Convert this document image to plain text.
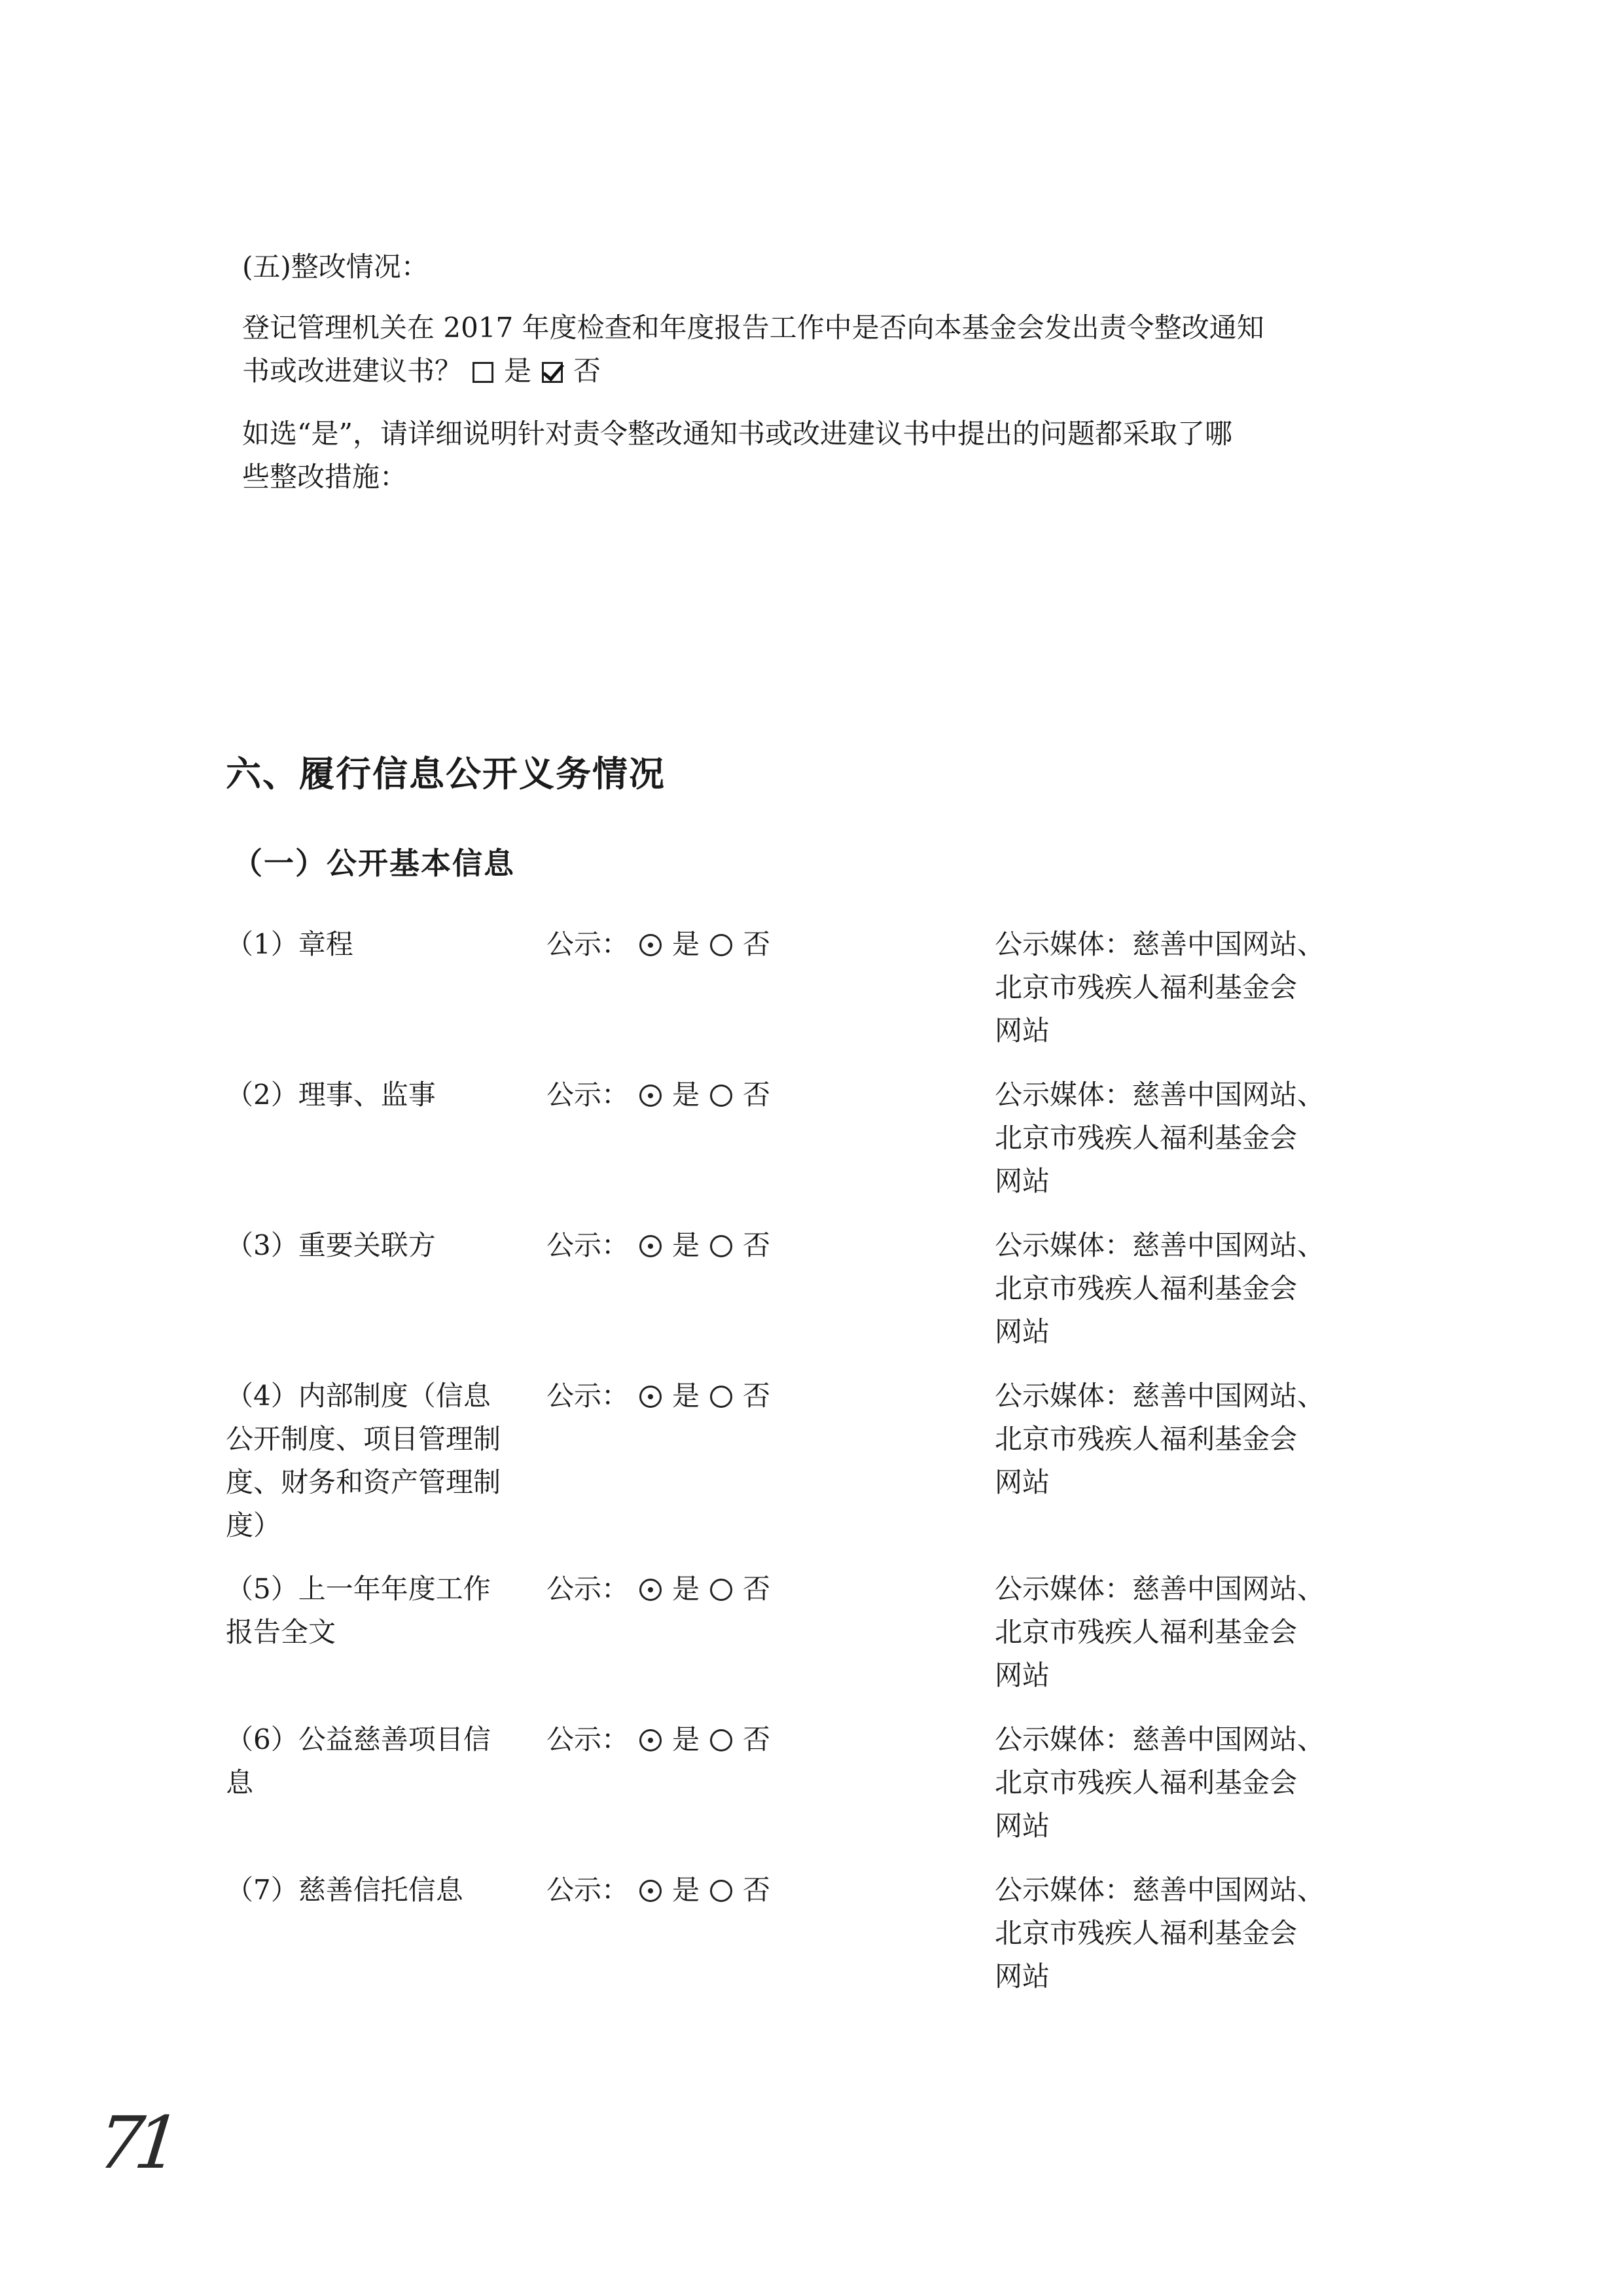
(五)整改情况：
登记管理机关在 2017 年度检查和年度报告工作中是否向本基金会发出责令整改通知
书或改进建议书？ 是 否
如选“是”，请详细说明针对责令整改通知书或改进建议书中提出的问题都采取了哪
些整改措施：
六、履行信息公开义务情况
（一）公开基本信息
（1）章程	公示： 是 否	公示媒体：慈善中国网站、
北京市残疾人福利基金会
网站
（2）理事、监事	公示： 是 否	公示媒体：慈善中国网站、
北京市残疾人福利基金会
网站
（3）重要关联方	公示： 是 否	公示媒体：慈善中国网站、
北京市残疾人福利基金会
网站
（4）内部制度（信息
公开制度、项目管理制
度、财务和资产管理制
度）
公示： 是 否	公示媒体：慈善中国网站、
北京市残疾人福利基金会
网站
（5）上一年年度工作
报告全文
公示： 是 否	公示媒体：慈善中国网站、
北京市残疾人福利基金会
网站
（6）公益慈善项目信
息
公示： 是 否	公示媒体：慈善中国网站、
北京市残疾人福利基金会
网站
（7）慈善信托信息	公示： 是 否	公示媒体：慈善中国网站、
北京市残疾人福利基金会
网站
71
